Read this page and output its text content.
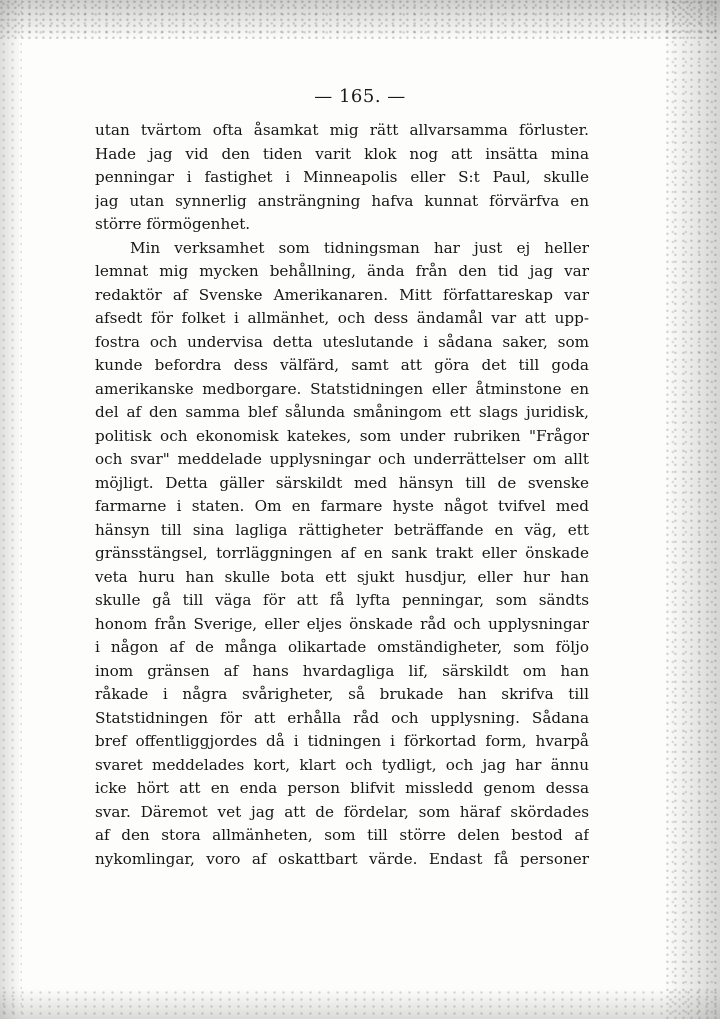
— 165. —
utan tvärtom ofta åsamkat mig rätt allvarsamma förluster.
Hade jag vid den tiden varit klok nog att insätta mina
penningar i fastighet i Minneapolis eller S:t Paul, skulle
jag utan synnerlig ansträngning hafva kunnat förvärfva en
större förmögenhet.
Min verksamhet som tidningsman har just ej heller
lemnat mig mycken behållning, ända från den tid jag var
redaktör af Svenske Amerikanaren. Mitt författareskap var
afsedt för folket i allmänhet, och dess ändamål var att upp-
fostra och undervisa detta uteslutande i sådana saker, som
kunde befordra dess välfärd, samt att göra det till goda
amerikanske medborgare. Statstidningen eller åtminstone en
del af den samma blef sålunda småningom ett slags juridisk,
politisk och ekonomisk katekes, som under rubriken "Frågor
och svar" meddelade upplysningar och underrättelser om allt
möjligt. Detta gäller särskildt med hänsyn till de svenske
farmarne i staten. Om en farmare hyste något tvifvel med
hänsyn till sina lagliga rättigheter beträffande en väg, ett
gränsstängsel, torrläggningen af en sank trakt eller önskade
veta huru han skulle bota ett sjukt husdjur, eller hur han
skulle gå till väga för att få lyfta penningar, som sändts
honom från Sverige, eller eljes önskade råd och upplysningar
i någon af de många olikartade omständigheter, som följo
inom gränsen af hans hvardagliga lif, särskildt om han
råkade i några svårigheter, så brukade han skrifva till
Statstidningen för att erhålla råd och upplysning. Sådana
bref offentliggjordes då i tidningen i förkortad form, hvarpå
svaret meddelades kort, klart och tydligt, och jag har ännu
icke hört att en enda person blifvit missledd genom dessa
svar. Däremot vet jag att de fördelar, som häraf skördades
af den stora allmänheten, som till större delen bestod af
nykomlingar, voro af oskattbart värde. Endast få personer
